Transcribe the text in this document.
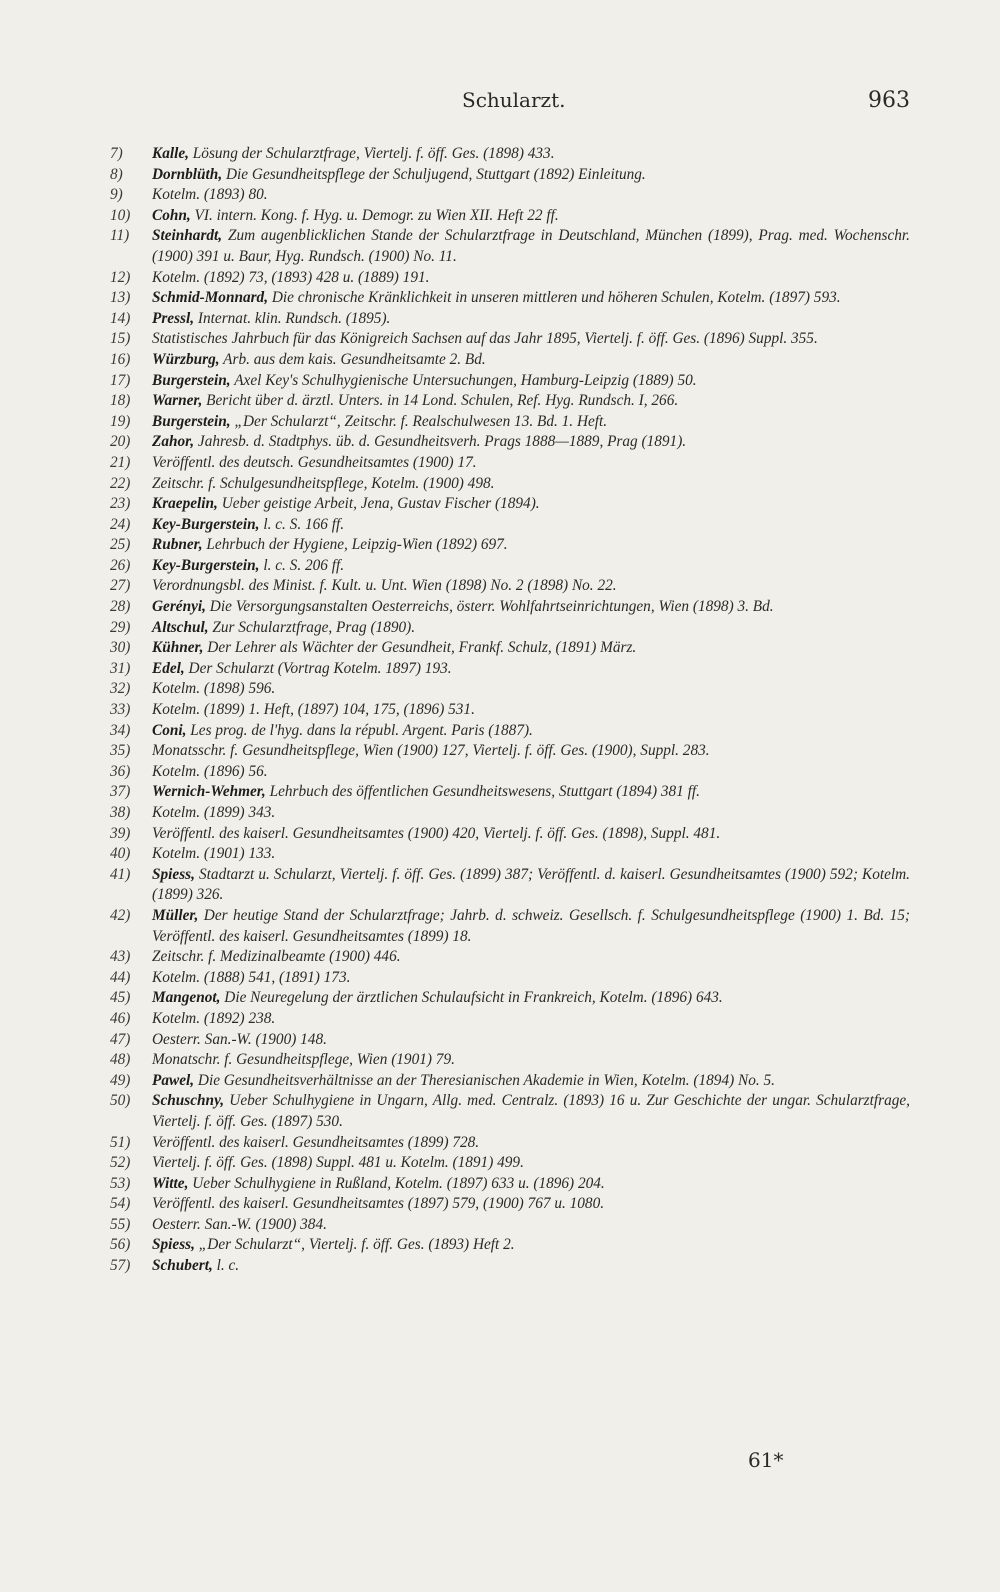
Schularzt.	963
7)	Kalle, Lösung der Schularztfrage, Viertelj. f. öff. Ges. (1898) 433.
8)	Dornblüth, Die Gesundheitspflege der Schuljugend, Stuttgart (1892) Einleitung.
9)	Kotelm. (1893) 80.
10)	Cohn, VI. intern. Kong. f. Hyg. u. Demogr. zu Wien XII. Heft 22 ff.
11)	Steinhardt, Zum augenblicklichen Stande der Schularztfrage in Deutschland, München (1899), Prag. med. Wochenschr. (1900) 391 u. Baur, Hyg. Rundsch. (1900) No. 11.
12)	Kotelm. (1892) 73, (1893) 428 u. (1889) 191.
13)	Schmid-Monnard, Die chronische Kränklichkeit in unseren mittleren und höheren Schulen, Kotelm. (1897) 593.
14)	Pressl, Internat. klin. Rundsch. (1895).
15)	Statistisches Jahrbuch für das Königreich Sachsen auf das Jahr 1895, Viertelj. f. öff. Ges. (1896) Suppl. 355.
16)	Würzburg, Arb. aus dem kais. Gesundheitsamte 2. Bd.
17)	Burgerstein, Axel Key's Schulhygienische Untersuchungen, Hamburg-Leipzig (1889) 50.
18)	Warner, Bericht über d. ärztl. Unters. in 14 Lond. Schulen, Ref. Hyg. Rundsch. I, 266.
19)	Burgerstein, „Der Schularzt“, Zeitschr. f. Realschulwesen 13. Bd. 1. Heft.
20)	Zahor, Jahresb. d. Stadtphys. üb. d. Gesundheitsverh. Prags 1888—1889, Prag (1891).
21)	Veröffentl. des deutsch. Gesundheitsamtes (1900) 17.
22)	Zeitschr. f. Schulgesundheitspflege, Kotelm. (1900) 498.
23)	Kraepelin, Ueber geistige Arbeit, Jena, Gustav Fischer (1894).
24)	Key-Burgerstein, l. c. S. 166 ff.
25)	Rubner, Lehrbuch der Hygiene, Leipzig-Wien (1892) 697.
26)	Key-Burgerstein, l. c. S. 206 ff.
27)	Verordnungsbl. des Minist. f. Kult. u. Unt. Wien (1898) No. 2 (1898) No. 22.
28)	Gerényi, Die Versorgungsanstalten Oesterreichs, österr. Wohlfahrtseinrichtungen, Wien (1898) 3. Bd.
29)	Altschul, Zur Schularztfrage, Prag (1890).
30)	Kühner, Der Lehrer als Wächter der Gesundheit, Frankf. Schulz, (1891) März.
31)	Edel, Der Schularzt (Vortrag Kotelm. 1897) 193.
32)	Kotelm. (1898) 596.
33)	Kotelm. (1899) 1. Heft, (1897) 104, 175, (1896) 531.
34)	Coni, Les prog. de l'hyg. dans la républ. Argent. Paris (1887).
35)	Monatsschr. f. Gesundheitspflege, Wien (1900) 127, Viertelj. f. öff. Ges. (1900), Suppl. 283.
36)	Kotelm. (1896) 56.
37)	Wernich-Wehmer, Lehrbuch des öffentlichen Gesundheitswesens, Stuttgart (1894) 381 ff.
38)	Kotelm. (1899) 343.
39)	Veröffentl. des kaiserl. Gesundheitsamtes (1900) 420, Viertelj. f. öff. Ges. (1898), Suppl. 481.
40)	Kotelm. (1901) 133.
41)	Spiess, Stadtarzt u. Schularzt, Viertelj. f. öff. Ges. (1899) 387; Veröffentl. d. kaiserl. Gesundheitsamtes (1900) 592; Kotelm. (1899) 326.
42)	Müller, Der heutige Stand der Schularztfrage; Jahrb. d. schweiz. Gesellsch. f. Schulgesundheitspflege (1900) 1. Bd. 15; Veröffentl. des kaiserl. Gesundheitsamtes (1899) 18.
43)	Zeitschr. f. Medizinalbeamte (1900) 446.
44)	Kotelm. (1888) 541, (1891) 173.
45)	Mangenot, Die Neuregelung der ärztlichen Schulaufsicht in Frankreich, Kotelm. (1896) 643.
46)	Kotelm. (1892) 238.
47)	Oesterr. San.-W. (1900) 148.
48)	Monatschr. f. Gesundheitspflege, Wien (1901) 79.
49)	Pawel, Die Gesundheitsverhältnisse an der Theresianischen Akademie in Wien, Kotelm. (1894) No. 5.
50)	Schuschny, Ueber Schulhygiene in Ungarn, Allg. med. Centralz. (1893) 16 u. Zur Geschichte der ungar. Schularztfrage, Viertelj. f. öff. Ges. (1897) 530.
51)	Veröffentl. des kaiserl. Gesundheitsamtes (1899) 728.
52)	Viertelj. f. öff. Ges. (1898) Suppl. 481 u. Kotelm. (1891) 499.
53)	Witte, Ueber Schulhygiene in Rußland, Kotelm. (1897) 633 u. (1896) 204.
54)	Veröffentl. des kaiserl. Gesundheitsamtes (1897) 579, (1900) 767 u. 1080.
55)	Oesterr. San.-W. (1900) 384.
56)	Spiess, „Der Schularzt“, Viertelj. f. öff. Ges. (1893) Heft 2.
57)	Schubert, l. c.
61*
